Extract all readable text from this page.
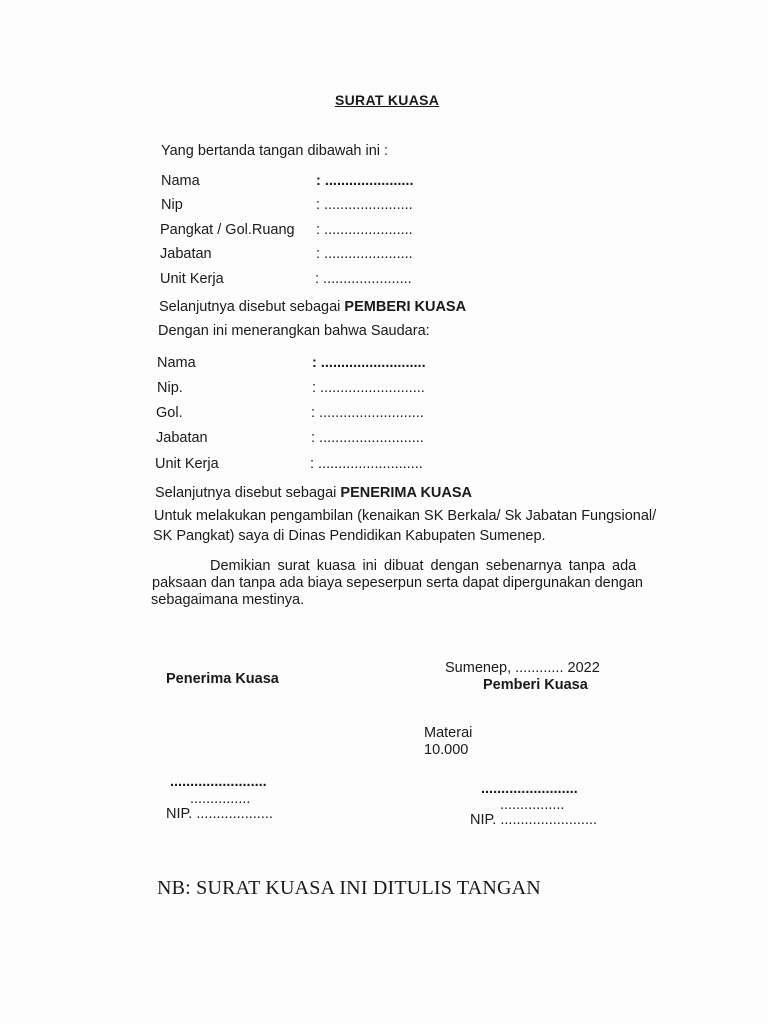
SURAT KUASA
Yang bertanda tangan dibawah ini :
Nama	: ......................
Nip	: ......................
Pangkat / Gol.Ruang : ......................
Jabatan	: ......................
Unit Kerja	: ......................
Selanjutnya disebut sebagai PEMBERI KUASA
Dengan ini menerangkan bahwa Saudara:
Nama	: ..........................
Nip.	: ..........................
Gol.	: ..........................
Jabatan	: ..........................
Unit Kerja	: ..........................
Selanjutnya disebut sebagai PENERIMA KUASA
Untuk melakukan pengambilan (kenaikan SK Berkala/ Sk Jabatan Fungsional/
SK Pangkat) saya di Dinas Pendidikan Kabupaten Sumenep.
Demikian surat kuasa ini dibuat dengan sebenarnya tanpa ada
paksaan dan tanpa ada biaya sepeserpun serta dapat dipergunakan dengan
sebagaimana mestinya.
Sumenep, ............ 2022
Penerima Kuasa	Pemberi Kuasa
Materai
10.000
........................
...............
NIP. ...................
........................
................
NIP. ........................
NB: SURAT KUASA INI DITULIS TANGAN
